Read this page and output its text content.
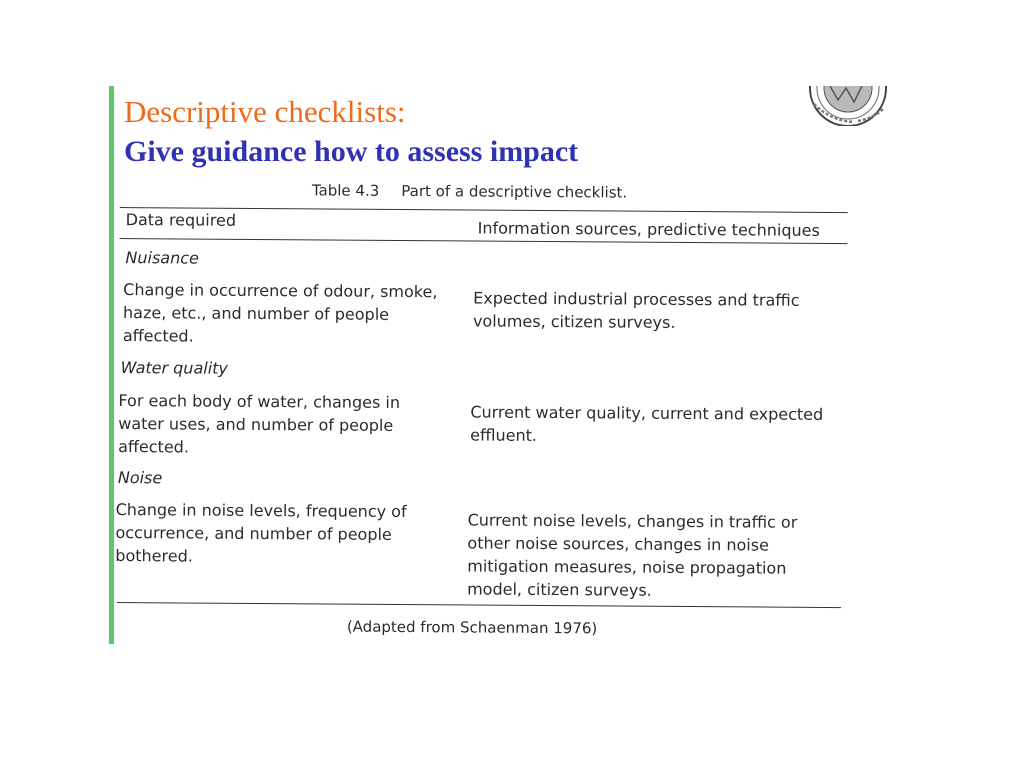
Descriptive checklists:
Give guidance how to assess impact
Table 4.3 Part of a descriptive checklist.
Data required	Information sources, predictive techniques
Nuisance
Change in occurrence of odour, smoke,
haze, etc., and number of people
affected.
Expected industrial processes and traffic
volumes, citizen surveys.
Water quality
For each body of water, changes in
water uses, and number of people
affected.
Current water quality, current and expected
effluent.
Noise
Change in noise levels, frequency of
occurrence, and number of people
bothered.
Current noise levels, changes in traffic or
other noise sources, changes in noise
mitigation measures, noise propagation
model, citizen surveys.
(Adapted from Schaenman 1976)
